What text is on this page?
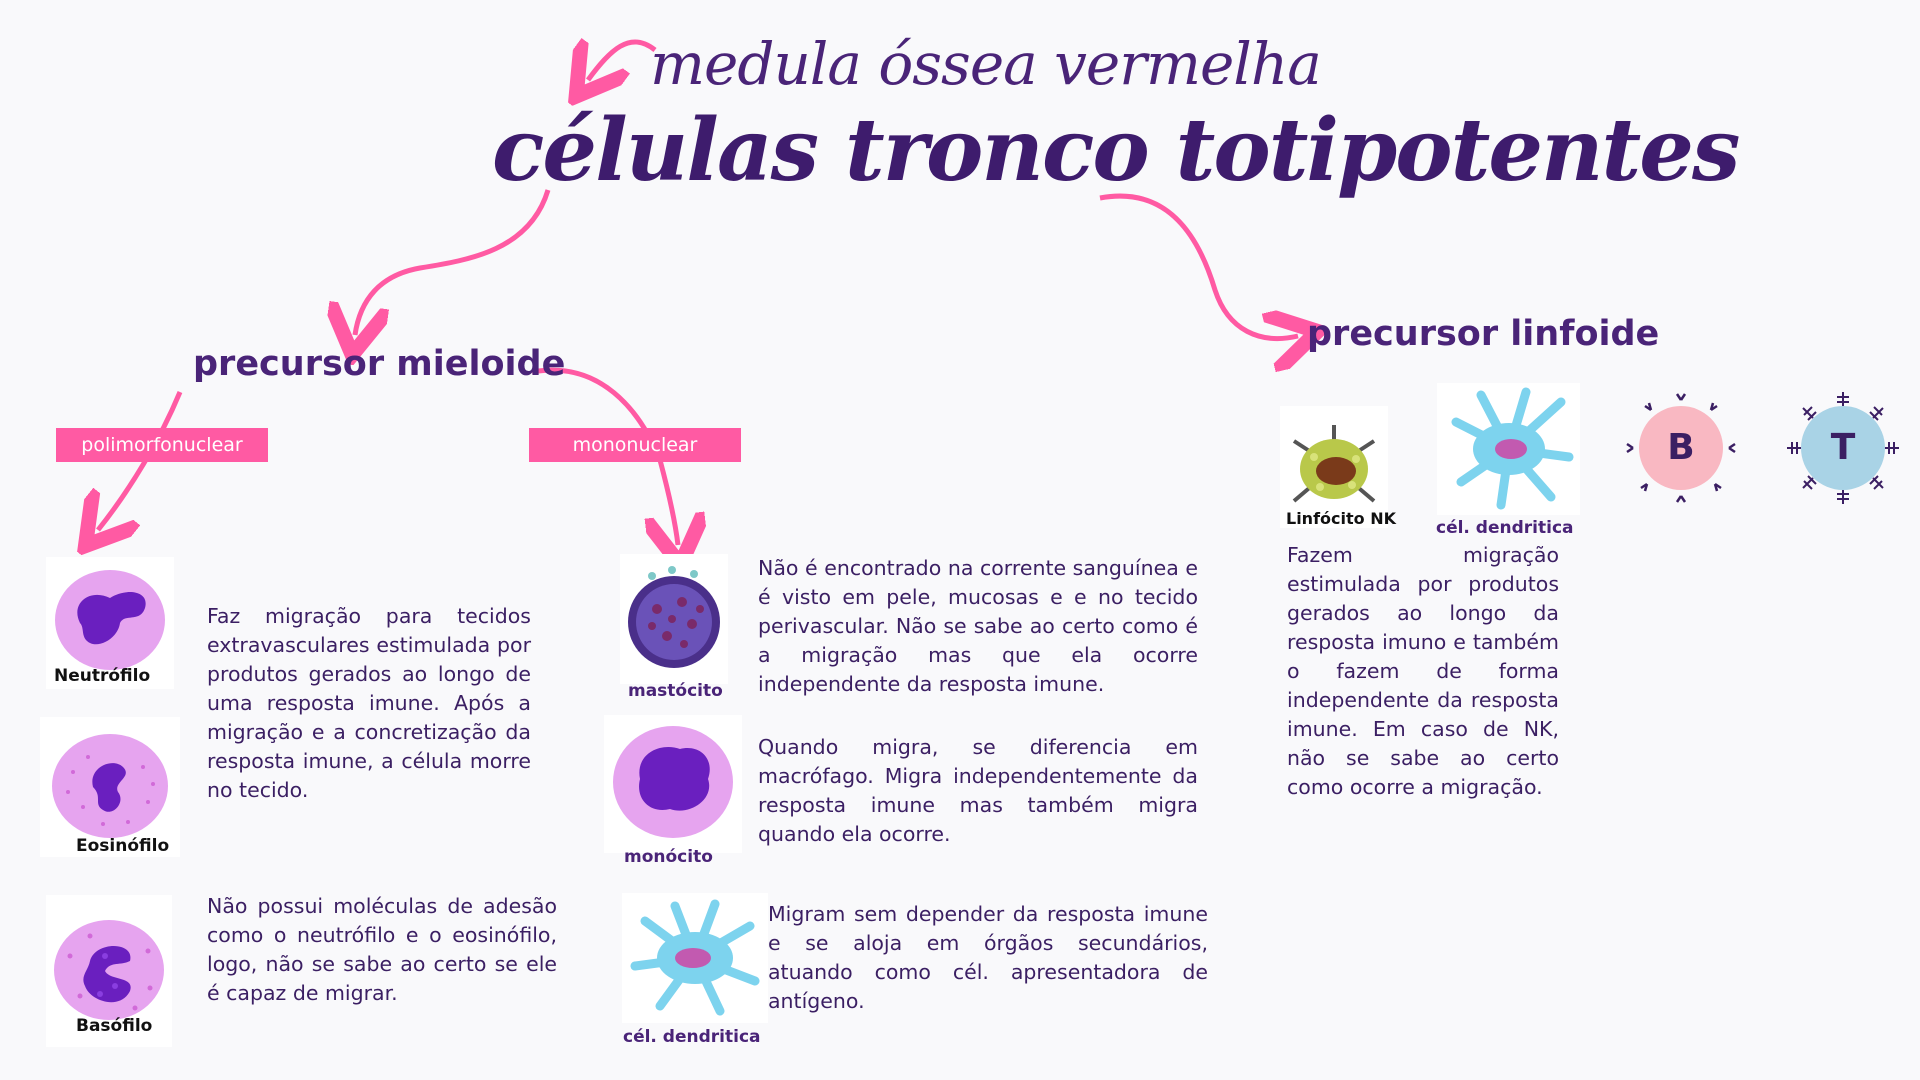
medula óssea vermelha
células tronco totipotentes
precursor mieloide
polimorfonuclear	mononuclear
Neutrófilo
Faz migração para tecidos extravasculares estimulada por produtos gerados ao longo de uma resposta imune. Após a migração e a concretização da resposta imune, a célula morre no tecido.
Eosinófilo
Basófilo
Não possui moléculas de adesão como o neutrófilo e o eosinófilo, logo, não se sabe ao certo se ele é capaz de migrar.
mastócito
Não é encontrado na corrente sanguínea e é visto em pele, mucosas e e no tecido perivascular. Não se sabe ao certo como é a migração mas que ela ocorre independente da resposta imune.
monócito
Quando migra, se diferencia em macrófago. Migra independentemente da resposta imune mas também migra quando ela ocorre.
cél. dendritica
Migram sem depender da resposta imune e se aloja em órgãos secundários, atuando como cél. apresentadora de antígeno.
precursor linfoide
Linfócito NK cél. dendritica
B	T
Fazem migração estimulada por produtos gerados ao longo da resposta imuno e também o fazem de forma independente da resposta imune. Em caso de NK, não se sabe ao certo como ocorre a migração.
